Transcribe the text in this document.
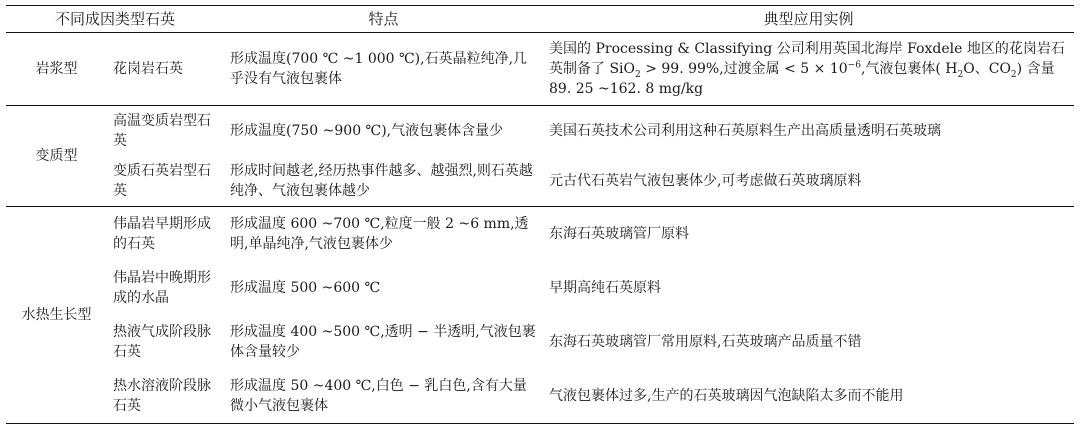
不同成因类型石英		特点	典型应用实例
岩浆型	花岗岩石英	形成温度(700 ℃ ~1 000 ℃),石英晶粒纯净,几乎没有气液包裹体	美国的 Processing & Classifying 公司利用英国北海岸 Foxdele 地区的花岗岩石英制备了 SiO$_2$ > 99. 99%,过渡金属 < $5 \times 10^{-6}$,气液包裹体( $H_2O$、$CO_2$) 含量 89. 25 ~162. 8 mg/kg
变质型	高温变质岩型石英	形成温度(750 ~900 ℃),气液包裹体含量少	美国石英技术公司利用这种石英原料生产出高质量透明石英玻璃
	变质石英岩型石英	形成时间越老,经历热事件越多、越强烈,则石英越纯净、气液包裹体越少	元古代石英岩气液包裹体少,可考虑做石英玻璃原料
水热生长型	伟晶岩早期形成的石英	形成温度 600 ~700 ℃,粒度一般 2 ~6 mm,透明,单晶纯净,气液包裹体少	东海石英玻璃管厂原料
	伟晶岩中晚期形成的水晶	形成温度 500 ~600 ℃	早期高纯石英原料
	热液气成阶段脉石英	形成温度 400 ~500 ℃,透明 − 半透明,气液包裹体含量较少	东海石英玻璃管厂常用原料,石英玻璃产品质量不错
	热水溶液阶段脉石英	形成温度 50 ~400 ℃,白色 − 乳白色,含有大量微小气液包裹体	气液包裹体过多,生产的石英玻璃因气泡缺陷太多而不能用
